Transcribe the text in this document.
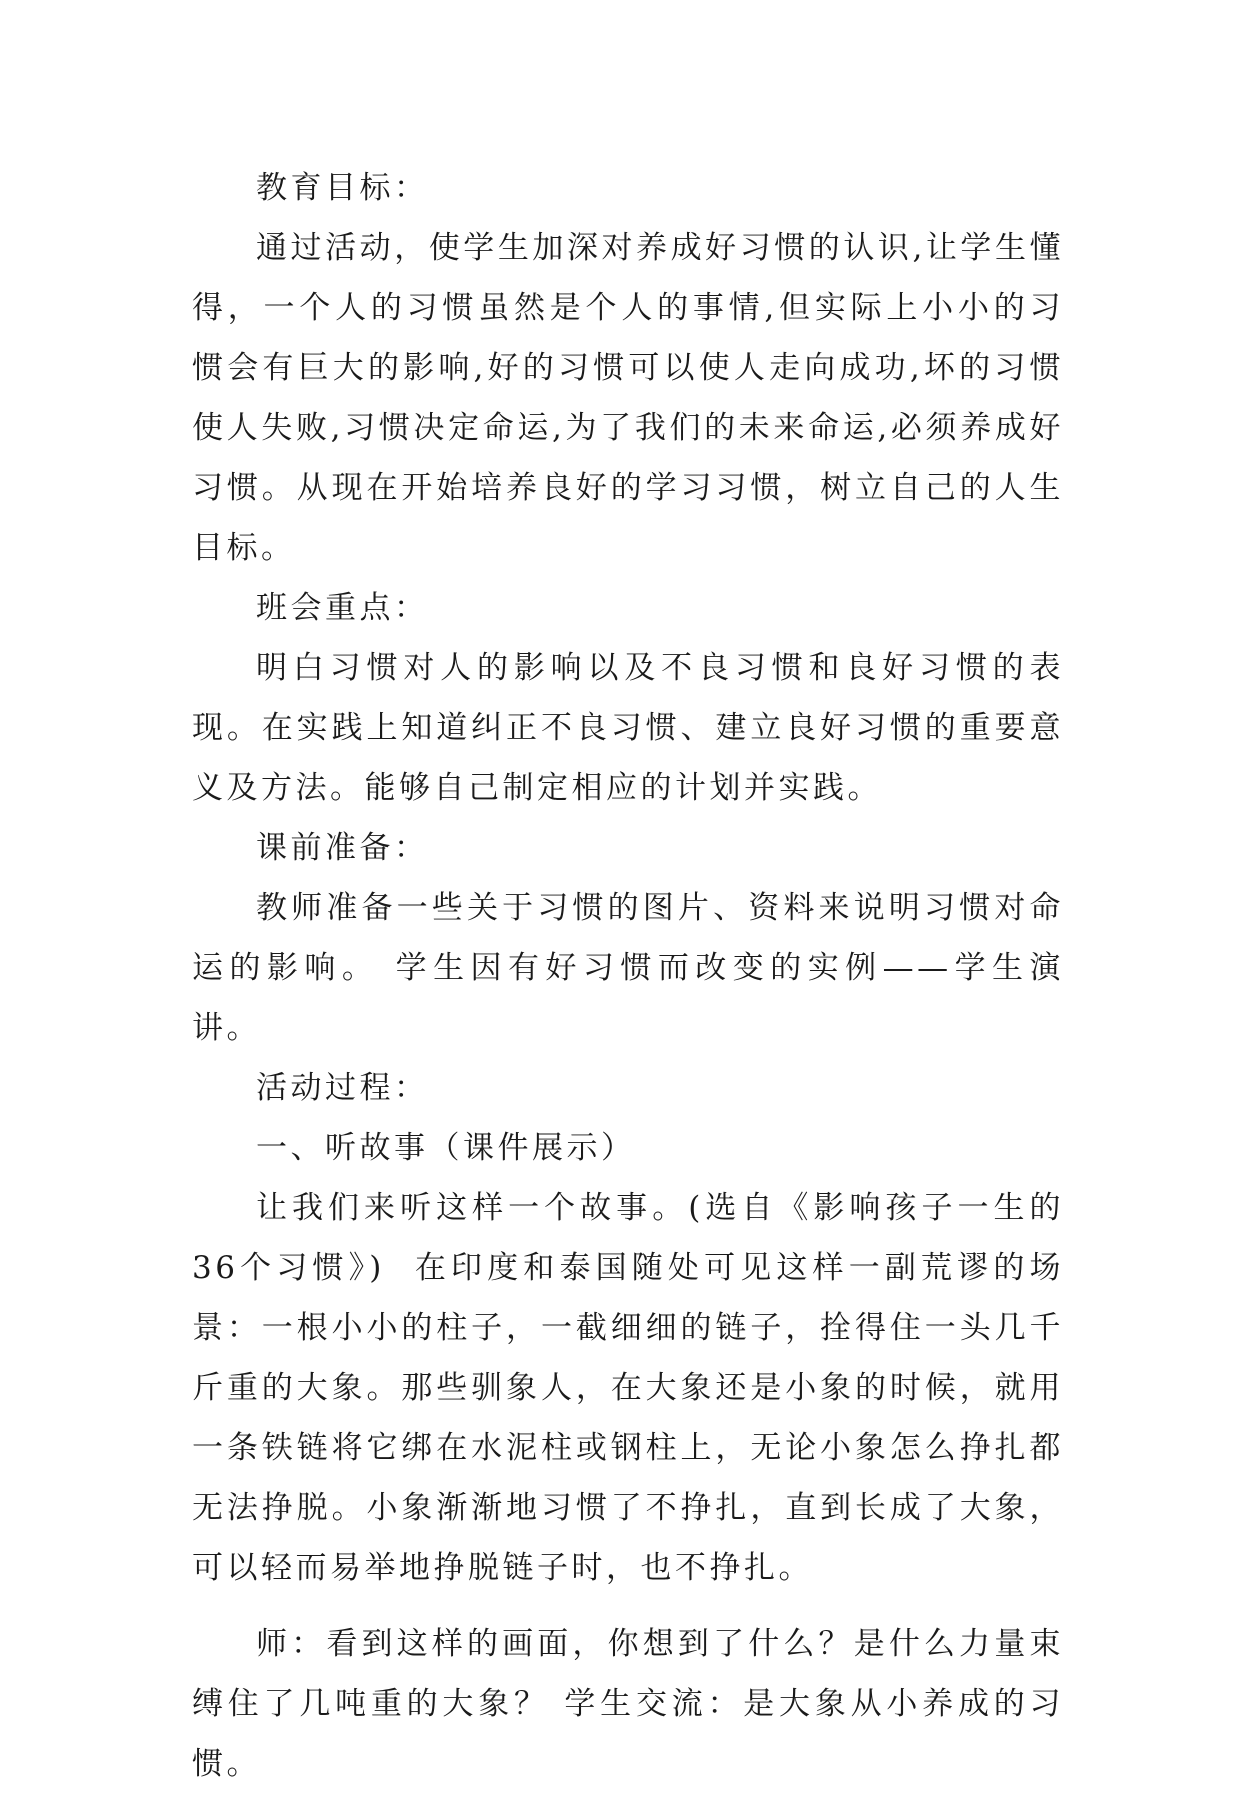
教育目标：

通过活动，使学生加深对养成好习惯的认识,让学生懂得，一个人的习惯虽然是个人的事情,但实际上小小的习惯会有巨大的影响,好的习惯可以使人走向成功,坏的习惯使人失败,习惯决定命运,为了我们的未来命运,必须养成好习惯。从现在开始培养良好的学习习惯，树立自己的人生目标。

班会重点：

明白习惯对人的影响以及不良习惯和良好习惯的表现。在实践上知道纠正不良习惯、建立良好习惯的重要意义及方法。能够自己制定相应的计划并实践。

课前准备：

教师准备一些关于习惯的图片、资料来说明习惯对命运的影响。 学生因有好习惯而改变的实例——学生演讲。

活动过程：

一、听故事（课件展示）

让我们来听这样一个故事。(选自《影响孩子一生的36个习惯》)  在印度和泰国随处可见这样一副荒谬的场景：一根小小的柱子，一截细细的链子，拴得住一头几千斤重的大象。那些驯象人，在大象还是小象的时候，就用一条铁链将它绑在水泥柱或钢柱上，无论小象怎么挣扎都无法挣脱。小象渐渐地习惯了不挣扎，直到长成了大象，可以轻而易举地挣脱链子时，也不挣扎。

师：看到这样的画面，你想到了什么？是什么力量束缚住了几吨重的大象？ 学生交流：是大象从小养成的习惯。
